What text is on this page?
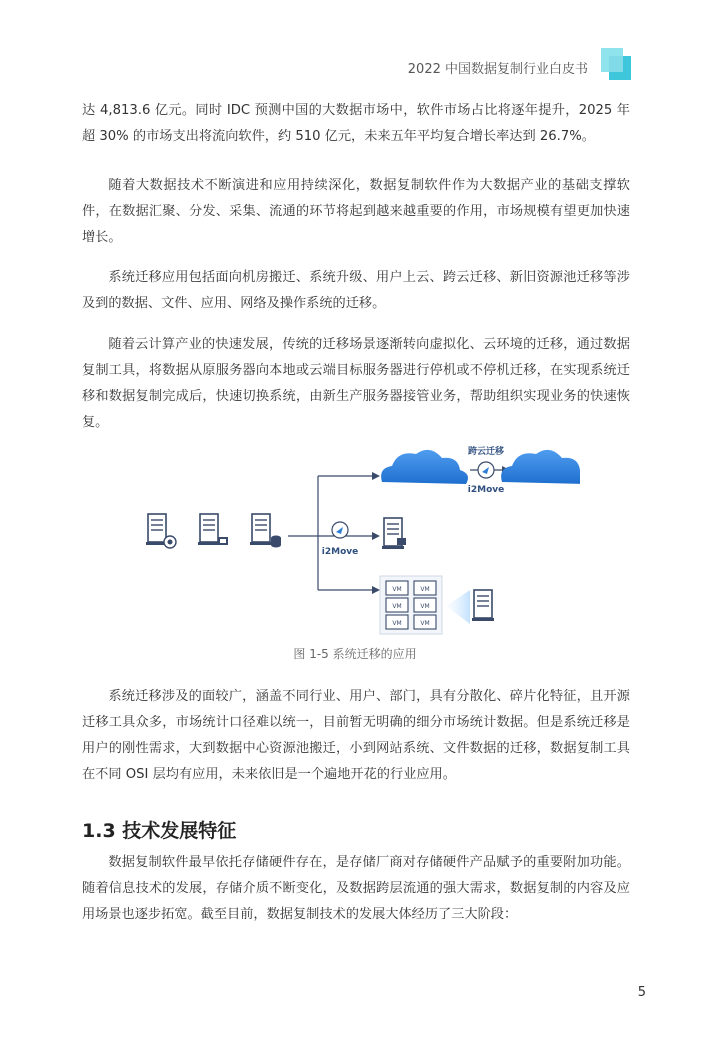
2022 中国数据复制行业白皮书

达 4,813.6 亿元。同时 IDC 预测中国的大数据市场中，软件市场占比将逐年提升，2025 年超 30% 的市场支出将流向软件，约 510 亿元，未来五年平均复合增长率达到 26.7%。

随着大数据技术不断演进和应用持续深化，数据复制软件作为大数据产业的基础支撑软件，在数据汇聚、分发、采集、流通的环节将起到越来越重要的作用，市场规模有望更加快速增长。

系统迁移应用包括面向机房搬迁、系统升级、用户上云、跨云迁移、新旧资源池迁移等涉及到的数据、文件、应用、网络及操作系统的迁移。

随着云计算产业的快速发展，传统的迁移场景逐渐转向虚拟化、云环境的迁移，通过数据复制工具，将数据从原服务器向本地或云端目标服务器进行停机或不停机迁移，在实现系统迁移和数据复制完成后，快速切换系统，由新生产服务器接管业务，帮助组织实现业务的快速恢复。

i2Move
跨云迁移
i2Move
VM	VM
VM	VM
VM	VM
图 1-5 系统迁移的应用

系统迁移涉及的面较广，涵盖不同行业、用户、部门，具有分散化、碎片化特征，且开源迁移工具众多，市场统计口径难以统一，目前暂无明确的细分市场统计数据。但是系统迁移是用户的刚性需求，大到数据中心资源池搬迁，小到网站系统、文件数据的迁移，数据复制工具在不同 OSI 层均有应用，未来依旧是一个遍地开花的行业应用。

1.3 技术发展特征

数据复制软件最早依托存储硬件存在，是存储厂商对存储硬件产品赋予的重要附加功能。随着信息技术的发展，存储介质不断变化，及数据跨层流通的强大需求，数据复制的内容及应用场景也逐步拓宽。截至目前，数据复制技术的发展大体经历了三大阶段：

5
